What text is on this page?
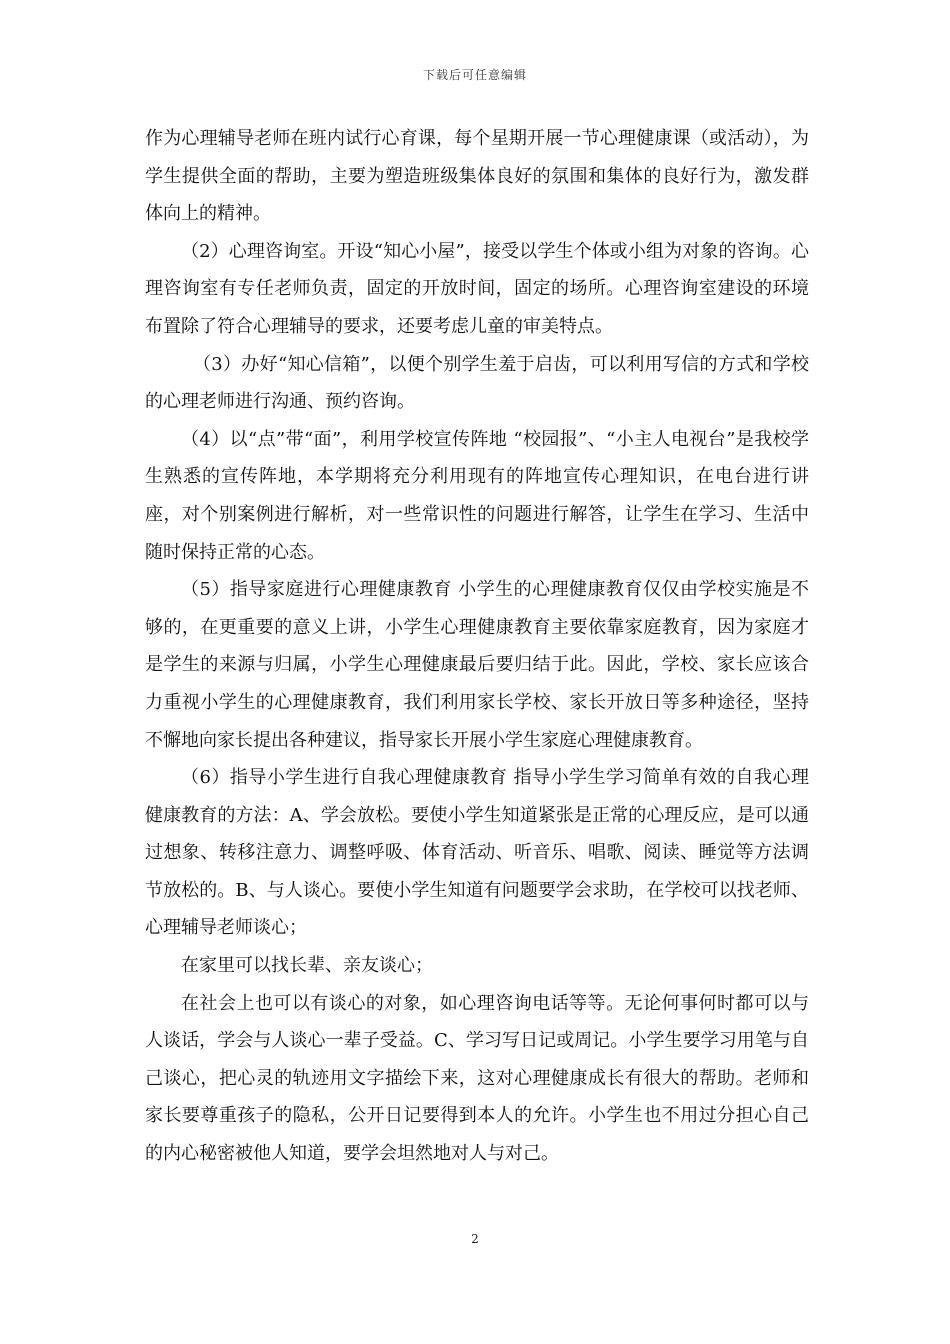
下载后可任意编辑

作为心理辅导老师在班内试行心育课，每个星期开展一节心理健康课（或活动），为学生提供全面的帮助，主要为塑造班级集体良好的氛围和集体的良好行为，激发群体向上的精神。

（2）心理咨询室。开设“知心小屋”，接受以学生个体或小组为对象的咨询。心理咨询室有专任老师负责，固定的开放时间，固定的场所。心理咨询室建设的环境布置除了符合心理辅导的要求，还要考虑儿童的审美特点。

（3）办好“知心信箱”，以便个别学生羞于启齿，可以利用写信的方式和学校的心理老师进行沟通、预约咨询。

（4）以“点”带“面”，利用学校宣传阵地 “校园报”、“小主人电视台”是我校学生熟悉的宣传阵地，本学期将充分利用现有的阵地宣传心理知识，在电台进行讲座，对个别案例进行解析，对一些常识性的问题进行解答，让学生在学习、生活中随时保持正常的心态。

（5）指导家庭进行心理健康教育 小学生的心理健康教育仅仅由学校实施是不够的，在更重要的意义上讲，小学生心理健康教育主要依靠家庭教育，因为家庭才是学生的来源与归属，小学生心理健康最后要归结于此。因此，学校、家长应该合力重视小学生的心理健康教育，我们利用家长学校、家长开放日等多种途径，坚持不懈地向家长提出各种建议，指导家长开展小学生家庭心理健康教育。

（6）指导小学生进行自我心理健康教育 指导小学生学习简单有效的自我心理健康教育的方法：A、学会放松。要使小学生知道紧张是正常的心理反应，是可以通过想象、转移注意力、调整呼吸、体育活动、听音乐、唱歌、阅读、睡觉等方法调节放松的。B、与人谈心。要使小学生知道有问题要学会求助，在学校可以找老师、心理辅导老师谈心；

在家里可以找长辈、亲友谈心；

在社会上也可以有谈心的对象，如心理咨询电话等等。无论何事何时都可以与人谈话，学会与人谈心一辈子受益。C、学习写日记或周记。小学生要学习用笔与自己谈心，把心灵的轨迹用文字描绘下来，这对心理健康成长有很大的帮助。老师和家长要尊重孩子的隐私，公开日记要得到本人的允许。小学生也不用过分担心自己的内心秘密被他人知道，要学会坦然地对人与对己。

2
